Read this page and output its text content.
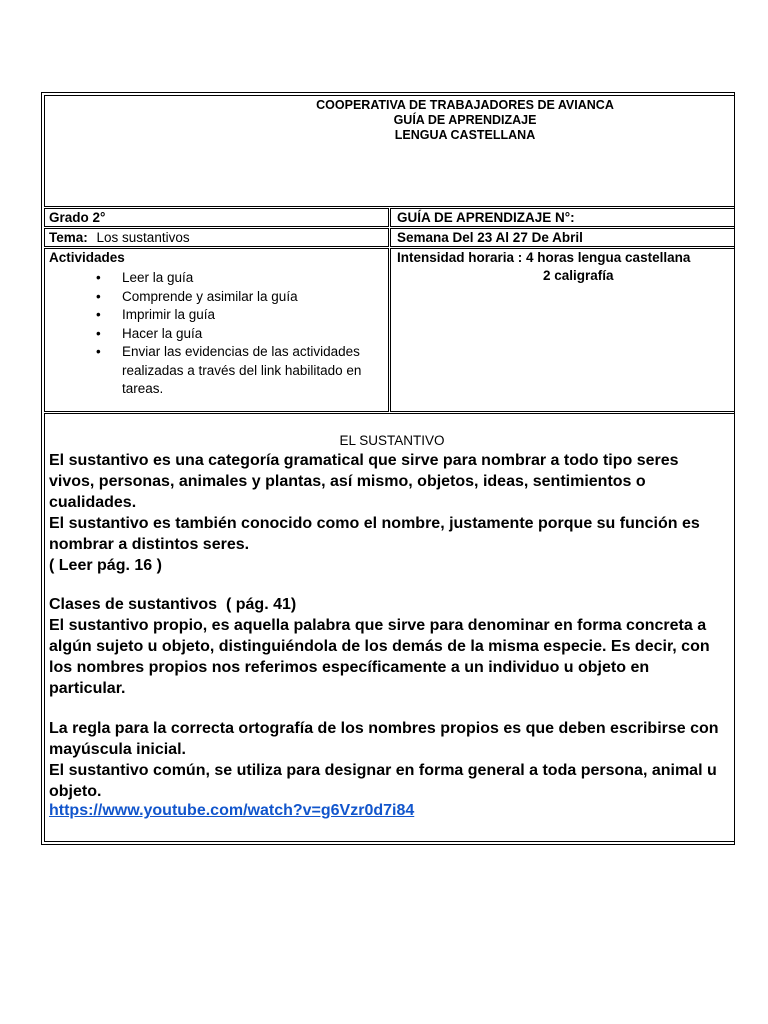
COOPERATIVA DE TRABAJADORES DE AVIANCA
GUÍA DE APRENDIZAJE
LENGUA CASTELLANA
Grado 2°	GUÍA DE APRENDIZAJE N°:
Tema: Los sustantivos	Semana Del 23 Al 27 De Abril
Actividades
• Leer la guía
• Comprende y asimilar la guía
• Imprimir la guía
• Hacer la guía
• Enviar las evidencias de las actividades realizadas a través del link habilitado en tareas.
Intensidad horaria : 4 horas lengua castellana
2 caligrafía
EL SUSTANTIVO
El sustantivo es una categoría gramatical que sirve para nombrar a todo tipo seres vivos, personas, animales y plantas, así mismo, objetos, ideas, sentimientos o cualidades.
El sustantivo es también conocido como el nombre, justamente porque su función es nombrar a distintos seres.
( Leer pág. 16 )
Clases de sustantivos  ( pág. 41)
El sustantivo propio, es aquella palabra que sirve para denominar en forma concreta a algún sujeto u objeto, distinguiéndola de los demás de la misma especie. Es decir, con los nombres propios nos referimos específicamente a un individuo u objeto en particular.
La regla para la correcta ortografía de los nombres propios es que deben escribirse con mayúscula inicial.
El sustantivo común, se utiliza para designar en forma general a toda persona, animal u objeto.
https://www.youtube.com/watch?v=g6Vzr0d7i84
